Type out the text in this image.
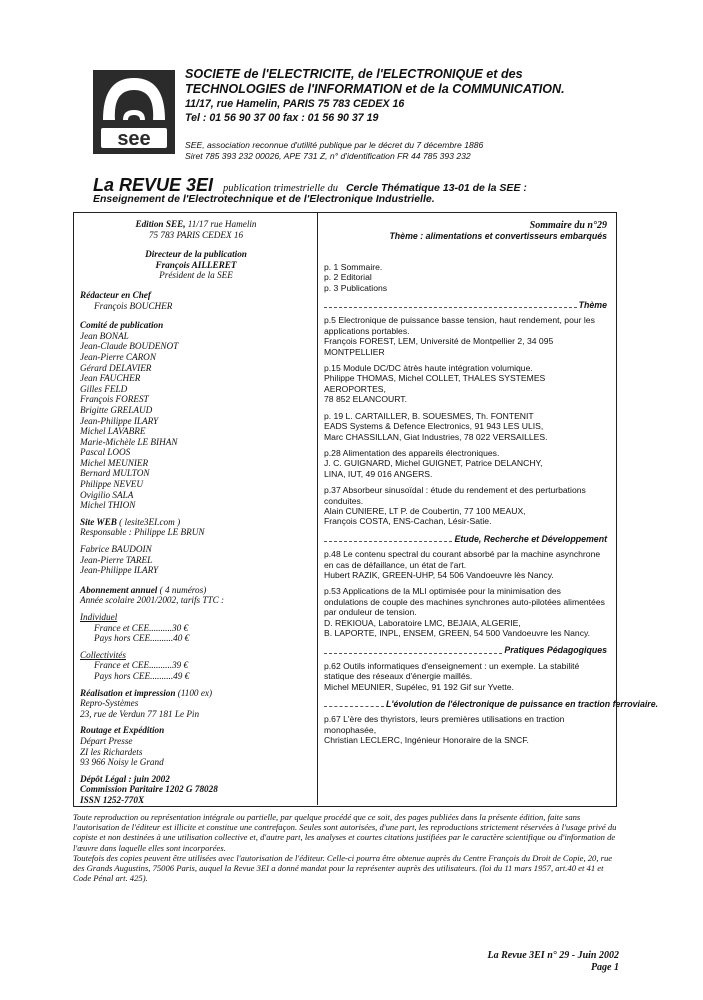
see
SOCIETE de l'ELECTRICITE, de l'ELECTRONIQUE et des
TECHNOLOGIES de l'INFORMATION et de la COMMUNICATION.
11/17, rue Hamelin, PARIS 75 783 CEDEX 16
Tel : 01 56 90 37 00 fax : 01 56 90 37 19
SEE, association reconnue d'utilité publique par le décret du 7 décembre 1886
Siret 785 393 232 00026, APE 731 Z, n° d'identification FR 44 785 393 232
La REVUE 3EI publication trimestrielle du Cercle Thématique 13-01 de la SEE :
Enseignement de l'Electrotechnique et de l'Electronique Industrielle.
Edition SEE, 11/17 rue Hamelin
75 783 PARIS CEDEX 16
Directeur de la publication
François AILLERET
Président de la SEE
Rédacteur en Chef
François BOUCHER
Comité de publication
Jean BONAL
Jean-Claude BOUDENOT
Jean-Pierre CARON
Gérard DELAVIER
Jean FAUCHER
Gilles FELD
François FOREST
Brigitte GRELAUD
Jean-Philippe ILARY
Michel LAVABRE
Marie-Michèle LE BIHAN
Pascal LOOS
Michel MEUNIER
Bernard MULTON
Philippe NEVEU
Ovigilio SALA
Michel THION
Site WEB ( lesite3EI.com )
Responsable : Philippe LE BRUN
Fabrice BAUDOIN
Jean-Pierre TAREL
Jean-Philippe ILARY
Abonnement annuel ( 4 numéros)
Année scolaire 2001/2002, tarifs TTC :
Individuel
France et CEE..........30 €
Pays hors CEE..........40 €
Collectivités
France et CEE..........39 €
Pays hors CEE..........49 €
Réalisation et impression (1100 ex)
Repro-Systèmes
23, rue de Verdun 77 181 Le Pin
Routage et Expédition
Départ Presse
ZI les Richardets
93 966 Noisy le Grand
Dépôt Légal : juin 2002
Commission Paritaire 1202 G 78028
ISSN 1252-770X
Sommaire du n°29
Thème : alimentations et convertisseurs embarqués
p. 1 Sommaire.
p. 2 Editorial
p. 3 Publications
Thème
p.5 Electronique de puissance basse tension, haut rendement, pour les applications portables.
François FOREST, LEM, Université de Montpellier 2, 34 095 MONTPELLIER
p.15 Module DC/DC àtrès haute intégration volumique.
Philippe THOMAS, Michel COLLET, THALES SYSTEMES AEROPORTES,
78 852 ELANCOURT.
p. 19 L. CARTAILLER, B. SOUESMES, Th. FONTENIT
EADS Systems & Defence Electronics, 91 943 LES ULIS,
Marc CHASSILLAN, Giat Industries, 78 022 VERSAILLES.
p.28 Alimentation des appareils électroniques.
J. C. GUIGNARD, Michel GUIGNET, Patrice DELANCHY,
LINA, IUT, 49 016 ANGERS.
p.37 Absorbeur sinusoïdal : étude du rendement et des perturbations conduites.
Alain CUNIERE, LT P. de Coubertin, 77 100 MEAUX,
François COSTA, ENS-Cachan, Lésir-Satie.
Etude, Recherche et Développement
p.48 Le contenu spectral du courant absorbé par la machine asynchrone en cas de défaillance, un état de l'art.
Hubert RAZIK, GREEN-UHP, 54 506 Vandoeuvre lès Nancy.
p.53 Applications de la MLI optimisée pour la minimisation des ondulations de couple des machines synchrones auto-pilotées alimentées par onduleur de tension.
D. REKIOUA, Laboratoire LMC, BEJAIA, ALGERIE,
B. LAPORTE, INPL, ENSEM, GREEN, 54 500 Vandoeuvre les Nancy.
Pratiques Pédagogiques
p.62 Outils informatiques d'enseignement : un exemple. La stabilité statique des réseaux d'énergie maillés.
Michel MEUNIER, Supélec, 91 192 Gif sur Yvette.
L'évolution de l'électronique de puissance en traction ferroviaire.
p.67 L'ère des thyristors, leurs premières utilisations en traction monophasée,
Christian LECLERC, Ingénieur Honoraire de la SNCF.
Toute reproduction ou représentation intégrale ou partielle, par quelque procédé que ce soit, des pages publiées dans la présente édition, faite sans l'autorisation de l'éditeur est illicite et constitue une contrefaçon. Seules sont autorisées, d'une part, les reproductions strictement réservées à l'usage privé du copiste et non destinées à une utilisation collective et, d'autre part, les analyses et courtes citations justifiées par le caractère scientifique ou d'information de l'œuvre dans laquelle elles sont incorporées.
Toutefois des copies peuvent être utilisées avec l'autorisation de l'éditeur. Celle-ci pourra être obtenue auprès du Centre François du Droit de Copie, 20, rue des Grands Augustins, 75006 Paris, auquel la Revue 3EI a donné mandat pour la représenter auprès des utilisateurs. (loi du 11 mars 1957, art.40 et 41 et Code Pénal art. 425).
La Revue 3EI n° 29 - Juin 2002
Page 1
